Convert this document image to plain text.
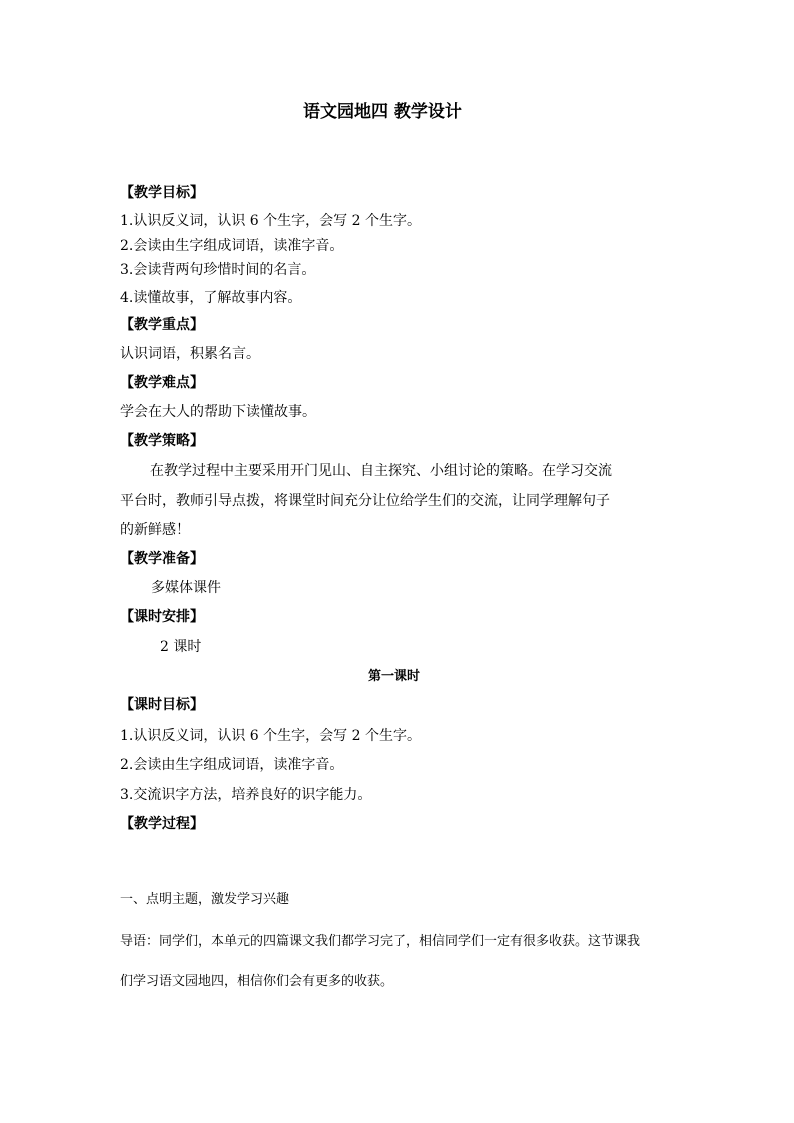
语文园地四 教学设计
【教学目标】
1.认识反义词，认识 6 个生字，会写 2 个生字。
2.会读由生字组成词语，读准字音。
3.会读背两句珍惜时间的名言。
4.读懂故事，了解故事内容。
【教学重点】
认识词语，积累名言。
【教学难点】
学会在大人的帮助下读懂故事。
【教学策略】
在教学过程中主要采用开门见山、自主探究、小组讨论的策略。在学习交流
平台时，教师引导点拨，将课堂时间充分让位给学生们的交流，让同学理解句子
的新鲜感！
【教学准备】
多媒体课件
【课时安排】
2 课时
第一课时
【课时目标】
1.认识反义词，认识 6 个生字，会写 2 个生字。
2.会读由生字组成词语，读准字音。
3.交流识字方法，培养良好的识字能力。
【教学过程】
一、点明主题，激发学习兴趣
导语：同学们，本单元的四篇课文我们都学习完了，相信同学们一定有很多收获。这节课我
们学习语文园地四，相信你们会有更多的收获。
